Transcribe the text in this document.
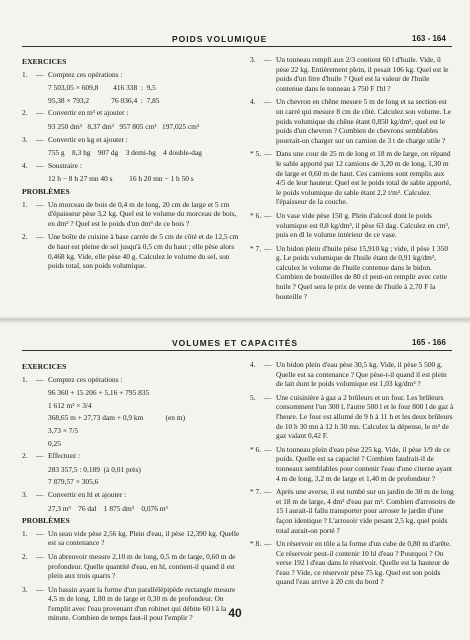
POIDS VOLUMIQUE	163 - 164
EXERCICES
1.	— Comptez ces opérations :
7 503,05 × 609,8        416 338  :  9,5
95,38 × 793,2            76 036,4  :  7,85
2.	— Convertir en m³ et ajouter :
93 250 dm³   8,37 dm³   957 805 cm³   197,025 cm³
3.	— Convertir en kg et ajouter :
755 g    8,3 hg    907 dg    3 demi-hg    4 double-dag
4.	— Soustraire :
12 h − 8 h 27 mn 40 s         16 h 20 mn − 1 h 50 s
PROBLÈMES
1.	— Un morceau de bois de 0,4 m de long, 20 cm de large et 5 cm d'épaisseur pèse 3,2 kg. Quel est le volume du morceau de bois, en dm³ ? Quel est le poids d'un dm³ de ce bois ?
2.	— Une boîte de cuisine à base carrée de 5 cm de côté et de 12,5 cm de haut est pleine de sel jusqu'à 0,5 cm du haut ; elle pèse alors 0,468 kg. Vide, elle pèse 40 g. Calculez le volume du sel, son poids total, son poids volumique.
3.	— Un tonneau rempli aux 2/3 contient 60 l d'huile. Vide, il pèse 22 kg. Entièrement plein, il pesait 106 kg. Quel est le poids d'un litre d'huile ? Quel est la valeur de l'huile contenue dans le tonneau à 750 F l'hl ?
4.	— Un chevron en chêne mesure 5 m de long et sa section est un carré qui mesure 8 cm de côté. Calculez son volume. Le poids volumique du chêne étant 0,850 kg/dm³, quel est le poids d'un chevron ? Combien de chevrons semblables pourrait-on charger sur un camion de 3 t de charge utile ?
* 5. — Dans une cour de 25 m de long et 18 m de large, on répand le sable apporté par 12 camions de 3,20 m de long, 1,30 m de large et 0,60 m de haut. Ces camions sont remplis aux 4/5 de leur hauteur. Quel est le poids total de sable apporté, le poids volumique du sable étant 2,2 t/m³. Calculez l'épaisseur de la couche.
* 6. — Un vase vide pèse 150 g. Plein d'alcool dont le poids volumique est 0,8 kg/dm³, il pèse 63 dag. Calculez en cm³, puis en dl le volume intérieur de ce vase.
* 7. — Un bidon plein d'huile pèse 15,910 kg ; vide, il pèse 1 350 g. Le poids volumique de l'huile étant de 0,91 kg/dm³, calculez le volume de l'huile contenue dans le bidon. Combien de bouteilles de 80 cl peut-on remplir avec cette huile ? Quel sera le prix de vente de l'huile à 2,70 F la bouteille ?
VOLUMES ET CAPACITÉS	165 - 166
EXERCICES
1.	— Comptez ces opérations :
96 360 + 15 206 + 5,16 + 795 835
1 612 m³ × 3/4
368,65 m + 27,73 dam + 0,9 km            (en m)
3,73 × 7/5
0,25
2.	— Effectuez :
283 357,5 : 0,189  (à 0,01 près)
7 879,57 × 305,6
3.	— Convertir en hl et ajouter :
27,3 m³    76 dal    1 875 dm³    0,076 m³
PROBLÈMES
1.	— Un seau vide pèse 2,56 kg. Plein d'eau, il pèse 12,390 kg. Quelle est sa contenance ?
2.	— Un abreuvoir mesure 2,10 m de long, 0,5 m de large, 0,60 m de profondeur. Quelle quantité d'eau, en hl, contient-il quand il est plein aux trois quarts ?
3.	— Un bassin ayant la forme d'un parallélépipède rectangle mesure 4,5 m de long, 1,80 m de large et 0,30 m de profondeur. On l'emplit avec l'eau provenant d'un robinet qui débite 60 l à la minute. Combien de temps faut-il pour l'emplir ?
4.	— Un bidon plein d'eau pèse 30,5 kg. Vide, il pèse 5 500 g. Quelle est sa contenance ? Que pèse-t-il quand il est plein de lait dont le poids volumique est 1,03 kg/dm³ ?
5.	— Une cuisinière à gaz a 2 brûleurs et un four. Les brûleurs consomment l'un 300 l, l'autre 500 l et le four 800 l de gaz à l'heure. Le four est allumé de 9 h à 11 h et les deux brûleurs de 10 h 30 mn à 12 h 30 mn. Calculez la dépense, le m³ de gaz valant 0,42 F.
* 6. — Un tonneau plein d'eau pèse 225 kg. Vide, il pèse 1/9 de ce poids. Quelle est sa capacité ? Combien faudrait-il de tonneaux semblables pour contenir l'eau d'une citerne ayant 4 m de long, 3,2 m de large et 1,40 m de profondeur ?
* 7. — Après une averse, il est tombé sur un jardin de 30 m de long et 18 m de large, 4 dm³ d'eau par m². Combien d'arrosoirs de 15 l aurait-il fallu transporter pour arroser le jardin d'une façon identique ? L'arrosoir vide pesant 2,5 kg, quel poids total aurait-on porté ?
* 8. — Un réservoir en tôle a la forme d'un cube de 0,80 m d'arête. Ce réservoir peut-il contenir 10 hl d'eau ? Pourquoi ? On verse 192 l d'eau dans le réservoir. Quelle est la hauteur de l'eau ? Vide, ce réservoir pèse 75 kg. Quel est son poids quand l'eau arrive à 20 cm du bord ?
40
